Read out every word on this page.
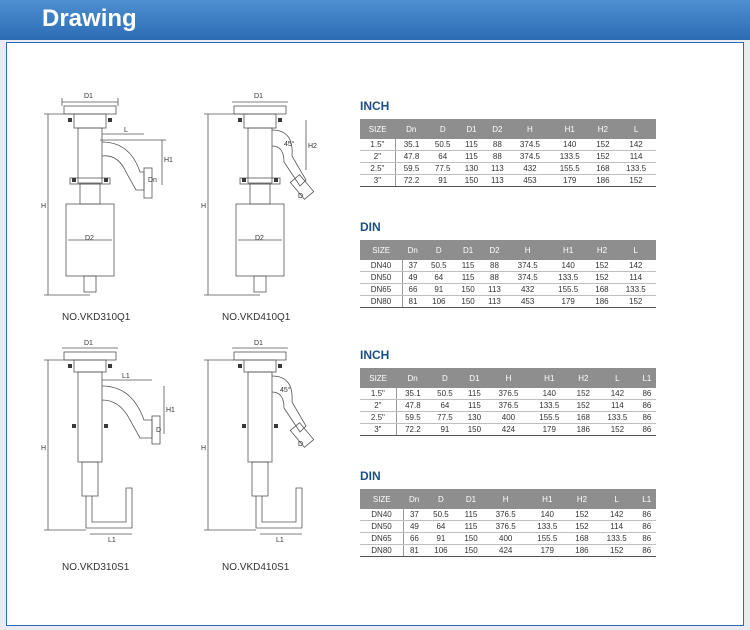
Drawing
D1
H
H1
L
Dn
D2
NO.VKD310Q1
D1
H
H2
45°
D
D2
NO.VKD410Q1
D1
H
H1
L1
L1
D
NO.VKD310S1
D1
H
45°
L1
D
NO.VKD410S1
INCH
SIZE	Dn	D	D1	D2	H	H1	H2	L
1.5"	35.1	50.5	115	88	374.5	140	152	142
2"	47.8	64	115	88	374.5	133.5	152	114
2.5"	59.5	77.5	130	113	432	155.5	168	133.5
3"	72.2	91	150	113	453	179	186	152
DIN
SIZE	Dn	D	D1	D2	H	H1	H2	L
DN40	37	50.5	115	88	374.5	140	152	142
DN50	49	64	115	88	374.5	133.5	152	114
DN65	66	91	150	113	432	155.5	168	133.5
DN80	81	106	150	113	453	179	186	152
INCH
SIZE	Dn	D	D1	H	H1	H2	L	L1
1.5"	35.1	50.5	115	376.5	140	152	142	86
2"	47.8	64	115	376.5	133.5	152	114	86
2.5"	59.5	77.5	130	400	155.5	168	133.5	86
3"	72.2	91	150	424	179	186	152	86
DIN
SIZE	Dn	D	D1	H	H1	H2	L	L1
DN40	37	50.5	115	376.5	140	152	142	86
DN50	49	64	115	376.5	133.5	152	114	86
DN65	66	91	150	400	155.5	168	133.5	86
DN80	81	106	150	424	179	186	152	86
